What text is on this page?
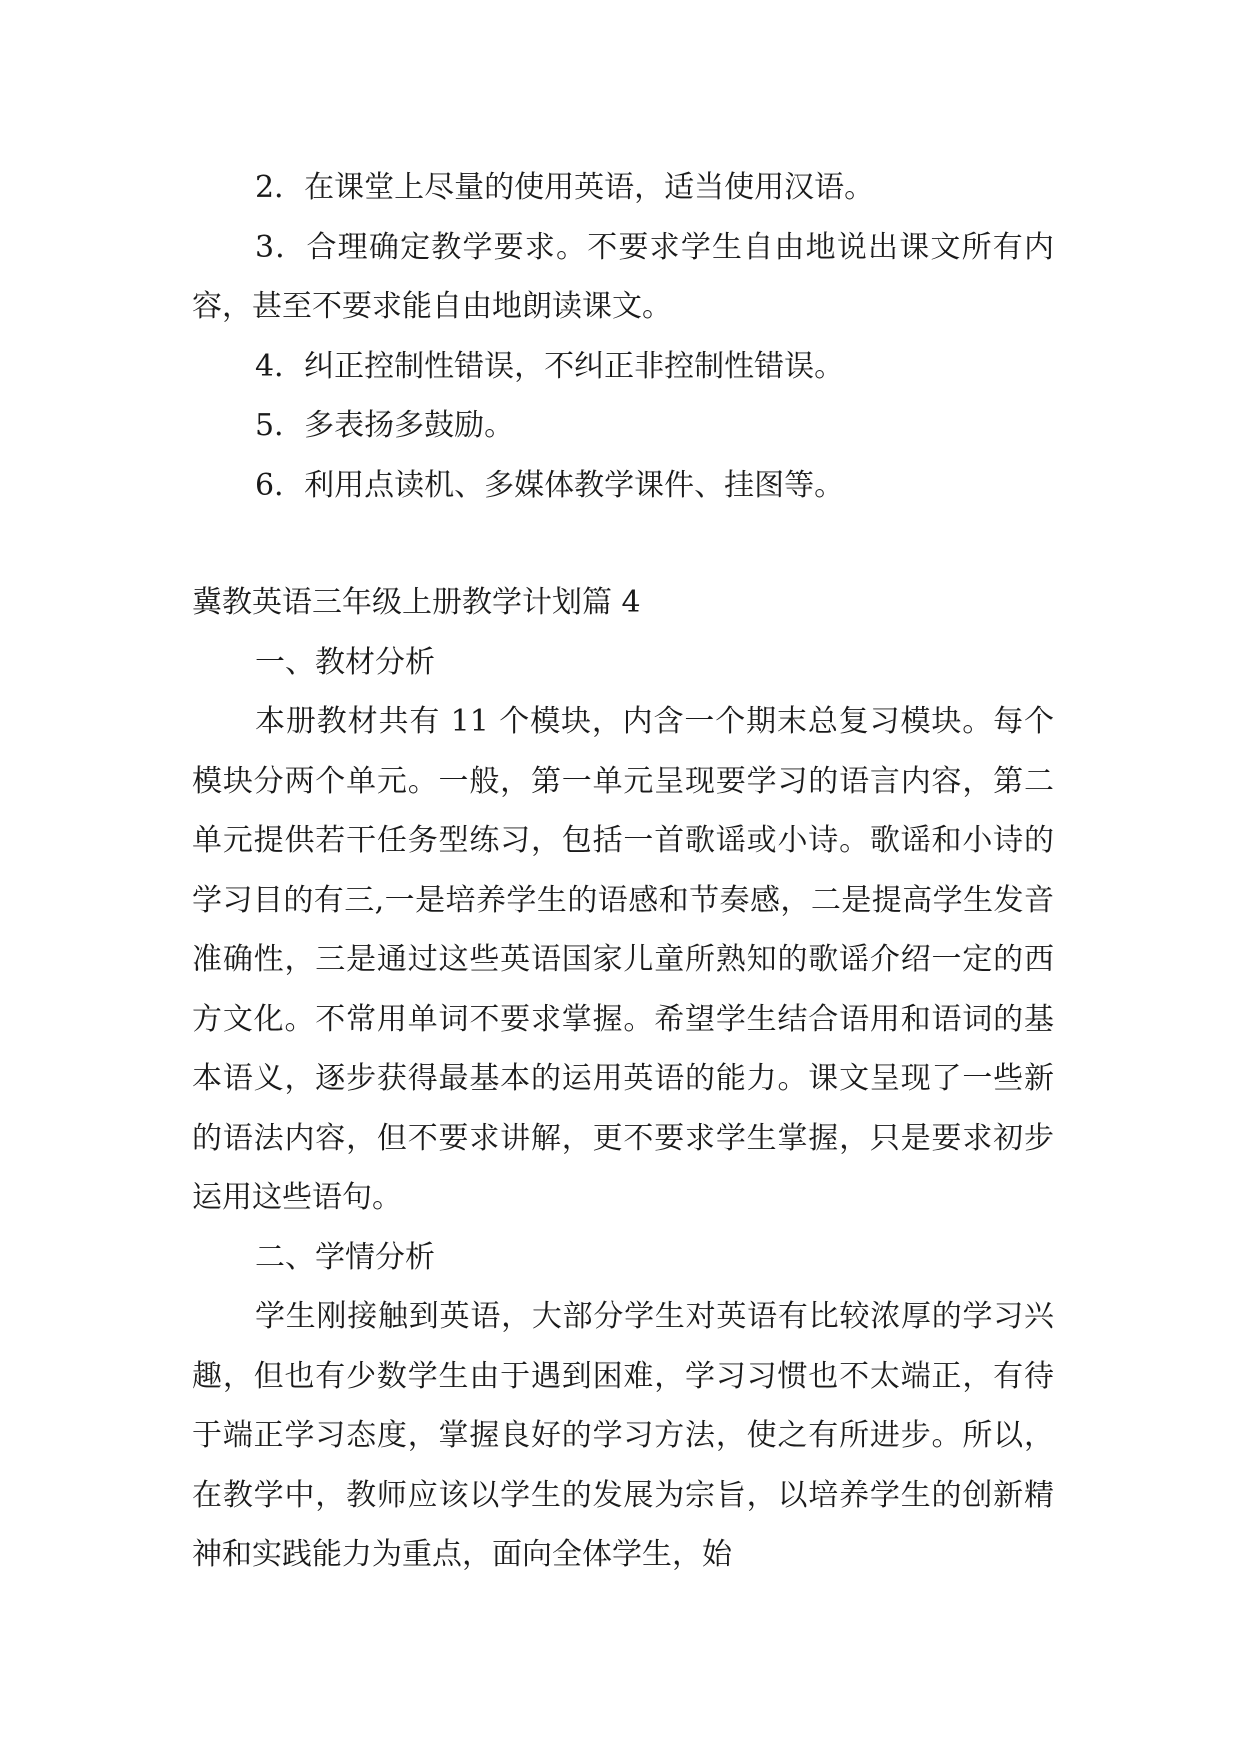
2．在课堂上尽量的使用英语，适当使用汉语。

3．合理确定教学要求。不要求学生自由地说出课文所有内容，甚至不要求能自由地朗读课文。

4．纠正控制性错误，不纠正非控制性错误。

5．多表扬多鼓励。

6．利用点读机、多媒体教学课件、挂图等。

冀教英语三年级上册教学计划篇 4

一、教材分析

本册教材共有 11 个模块，内含一个期末总复习模块。每个模块分两个单元。一般，第一单元呈现要学习的语言内容，第二单元提供若干任务型练习，包括一首歌谣或小诗。歌谣和小诗的学习目的有三,一是培养学生的语感和节奏感，二是提高学生发音准确性，三是通过这些英语国家儿童所熟知的歌谣介绍一定的西方文化。不常用单词不要求掌握。希望学生结合语用和语词的基本语义，逐步获得最基本的运用英语的能力。课文呈现了一些新的语法内容，但不要求讲解，更不要求学生掌握，只是要求初步运用这些语句。

二、学情分析

学生刚接触到英语，大部分学生对英语有比较浓厚的学习兴趣，但也有少数学生由于遇到困难，学习习惯也不太端正，有待于端正学习态度，掌握良好的学习方法，使之有所进步。所以，在教学中，教师应该以学生的发展为宗旨，以培养学生的创新精神和实践能力为重点，面向全体学生，始
